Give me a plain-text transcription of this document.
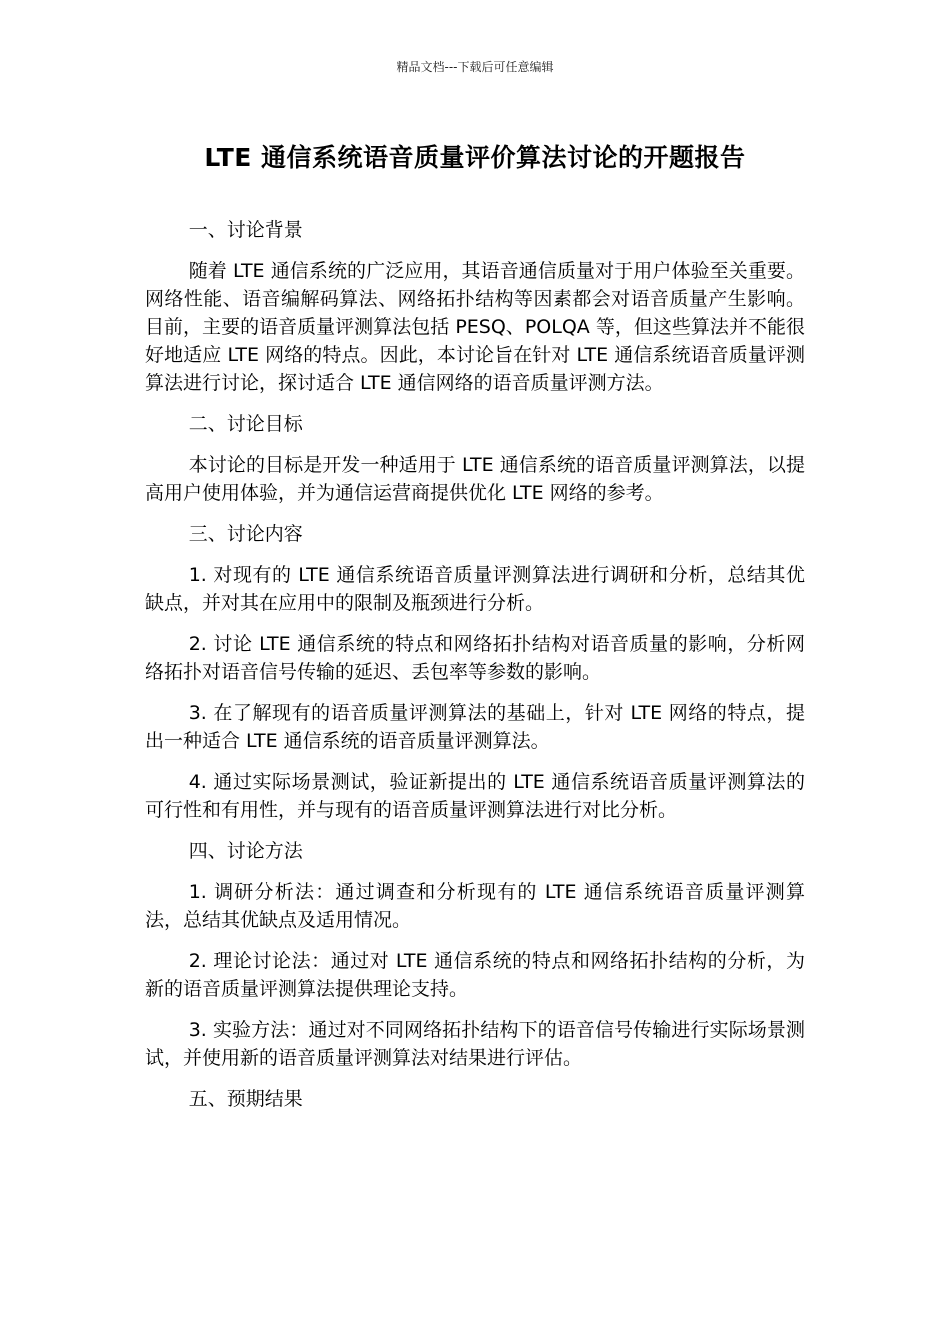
精品文档---下载后可任意编辑
LTE 通信系统语音质量评价算法讨论的开题报告

一、讨论背景

随着 LTE 通信系统的广泛应用，其语音通信质量对于用户体验至关重要。网络性能、语音编解码算法、网络拓扑结构等因素都会对语音质量产生影响。目前，主要的语音质量评测算法包括 PESQ、POLQA 等，但这些算法并不能很好地适应 LTE 网络的特点。因此，本讨论旨在针对 LTE 通信系统语音质量评测算法进行讨论，探讨适合 LTE 通信网络的语音质量评测方法。

二、讨论目标

本讨论的目标是开发一种适用于 LTE 通信系统的语音质量评测算法，以提高用户使用体验，并为通信运营商提供优化 LTE 网络的参考。

三、讨论内容

1. 对现有的 LTE 通信系统语音质量评测算法进行调研和分析，总结其优缺点，并对其在应用中的限制及瓶颈进行分析。

2. 讨论 LTE 通信系统的特点和网络拓扑结构对语音质量的影响，分析网络拓扑对语音信号传输的延迟、丢包率等参数的影响。

3. 在了解现有的语音质量评测算法的基础上，针对 LTE 网络的特点，提出一种适合 LTE 通信系统的语音质量评测算法。

4. 通过实际场景测试，验证新提出的 LTE 通信系统语音质量评测算法的可行性和有用性，并与现有的语音质量评测算法进行对比分析。

四、讨论方法

1. 调研分析法：通过调查和分析现有的 LTE 通信系统语音质量评测算法，总结其优缺点及适用情况。

2. 理论讨论法：通过对 LTE 通信系统的特点和网络拓扑结构的分析，为新的语音质量评测算法提供理论支持。

3. 实验方法：通过对不同网络拓扑结构下的语音信号传输进行实际场景测试，并使用新的语音质量评测算法对结果进行评估。

五、预期结果
